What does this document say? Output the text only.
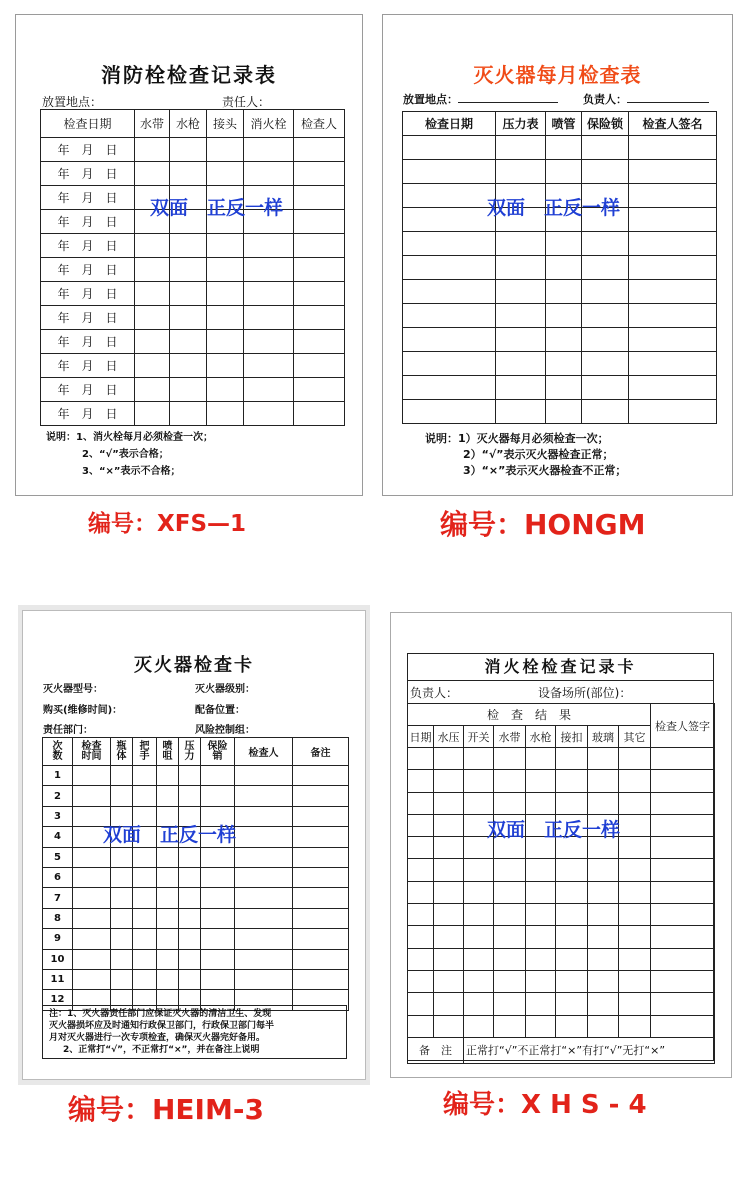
消防栓检查记录表
放置地点：	责任人：
检查日期	水带	水枪	接头	消火栓	检查人
年　月　日					
年　月　日					
年　月　日					
年　月　日					
年　月　日					
年　月　日					
年　月　日					
年　月　日					
年　月　日					
年　月　日					
年　月　日					
年　月　日					
说明：1、消火栓每月必须检查一次；
2、“√”表示合格；
3、“×”表示不合格；
双面　正反一样
编号：XFS—1
灭火器每月检查表
放置地点：	负责人：
检查日期	压力表	喷管	保险锁	检查人签名

说明：1）灭火器每月必须检查一次；
2）“√”表示灭火器检查正常；
3）“×”表示灭火器检查不正常；
双面　正反一样
编号：HONGM
灭火器检查卡
灭火器型号：	灭火器级别：
购买(维修时间)：	配备位置：
责任部门：	风险控制组：
次数	检查时间	瓶体	把手	喷咀	压力	保险销	检查人	备注
1								
2								
3								
4								
5								
6								
7								
8								
9								
10								
11								
12								
注：1、灭火器责任部门应保证灭火器的清洁卫生、发现
灭火器损坏应及时通知行政保卫部门，行政保卫部门每半
月对灭火器进行一次专项检查，确保灭火器完好备用。
2、正常打“√”，不正常打“×”，并在备注上说明
双面　正反一样
编号：HEIM-3
消火栓检查记录卡
负责人：	设备场所(部位)：
检　查　结　果								检查人签字
日期	水压	开关	水带	水枪	接扣	玻璃	其它	

备　注		正常打“√”不正常打“×”有打“√”无打“×”						
双面　正反一样
编号：X H S - 4
